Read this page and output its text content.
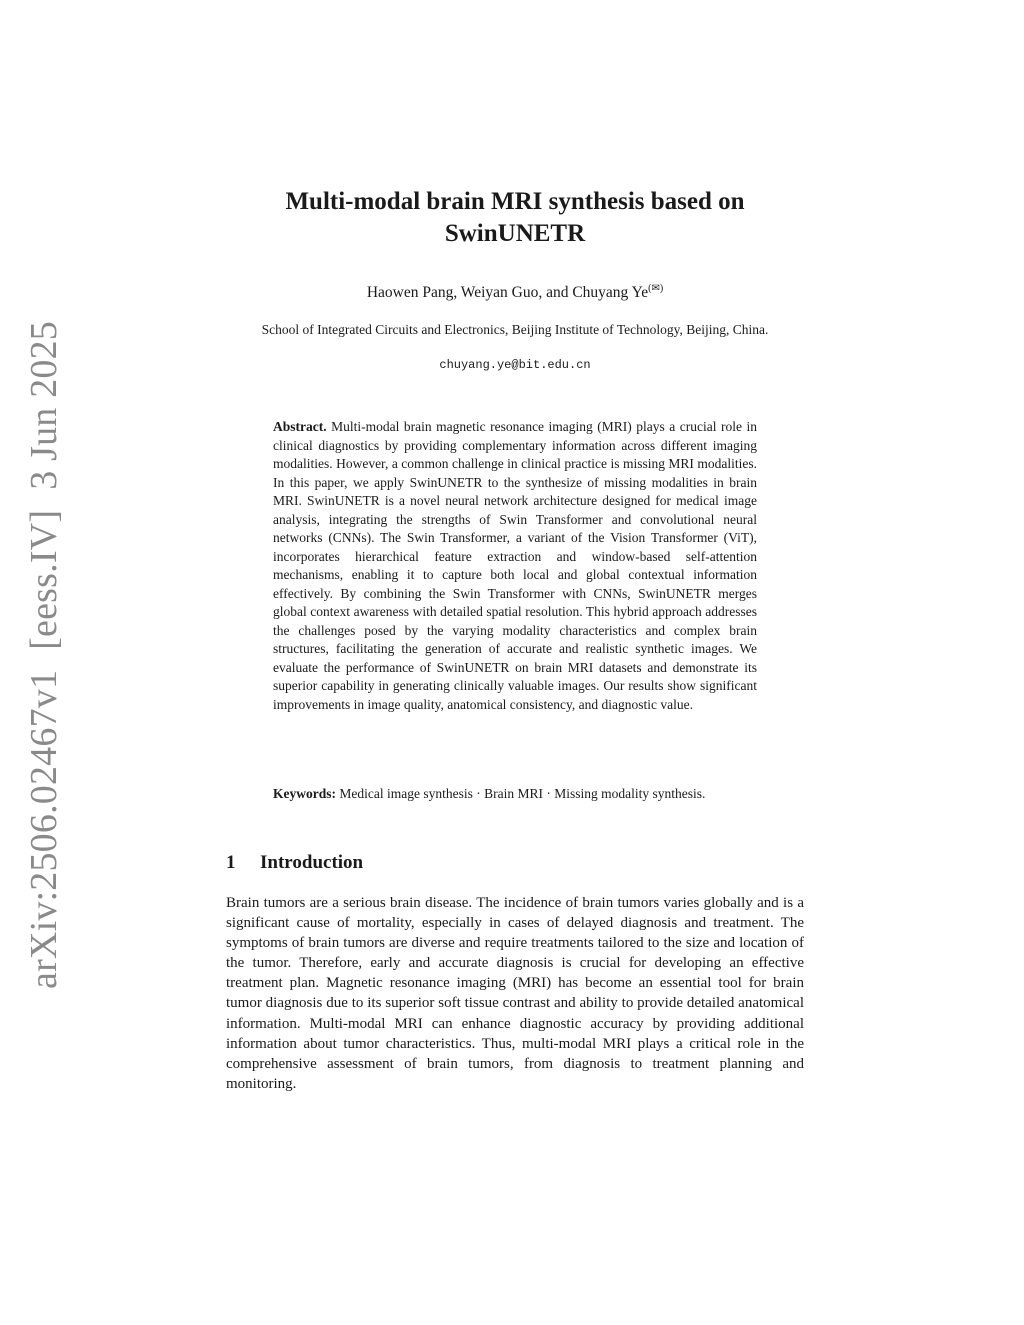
arXiv:2506.02467v1[eess.IV]3 Jun 2025
Multi-modal brain MRI synthesis based on SwinUNETR
Haowen Pang, Weiyan Guo, and Chuyang Ye(✉)
School of Integrated Circuits and Electronics, Beijing Institute of Technology, Beijing, China.
chuyang.ye@bit.edu.cn

Abstract. Multi-modal brain magnetic resonance imaging (MRI) plays a crucial role in clinical diagnostics by providing complementary information across different imaging modalities. However, a common challenge in clinical practice is missing MRI modalities. In this paper, we apply SwinUNETR to the synthesize of missing modalities in brain MRI. SwinUNETR is a novel neural network architecture designed for medical image analysis, integrating the strengths of Swin Transformer and convolutional neural networks (CNNs). The Swin Transformer, a variant of the Vision Transformer (ViT), incorporates hierarchical feature extraction and window-based self-attention mechanisms, enabling it to capture both local and global contextual information effectively. By combining the Swin Transformer with CNNs, SwinUNETR merges global context awareness with detailed spatial resolution. This hybrid approach addresses the challenges posed by the varying modality characteristics and complex brain structures, facilitating the generation of accurate and realistic synthetic images. We evaluate the performance of SwinUNETR on brain MRI datasets and demonstrate its superior capability in generating clinically valuable images. Our results show significant improvements in image quality, anatomical consistency, and diagnostic value.

Keywords: Medical image synthesis · Brain MRI · Missing modality synthesis.

1 Introduction

Brain tumors are a serious brain disease. The incidence of brain tumors varies globally and is a significant cause of mortality, especially in cases of delayed diagnosis and treatment. The symptoms of brain tumors are diverse and require treatments tailored to the size and location of the tumor. Therefore, early and accurate diagnosis is crucial for developing an effective treatment plan. Magnetic resonance imaging (MRI) has become an essential tool for brain tumor diagnosis due to its superior soft tissue contrast and ability to provide detailed anatomical information. Multi-modal MRI can enhance diagnostic accuracy by providing additional information about tumor characteristics. Thus, multi-modal MRI plays a critical role in the comprehensive assessment of brain tumors, from diagnosis to treatment planning and monitoring.
